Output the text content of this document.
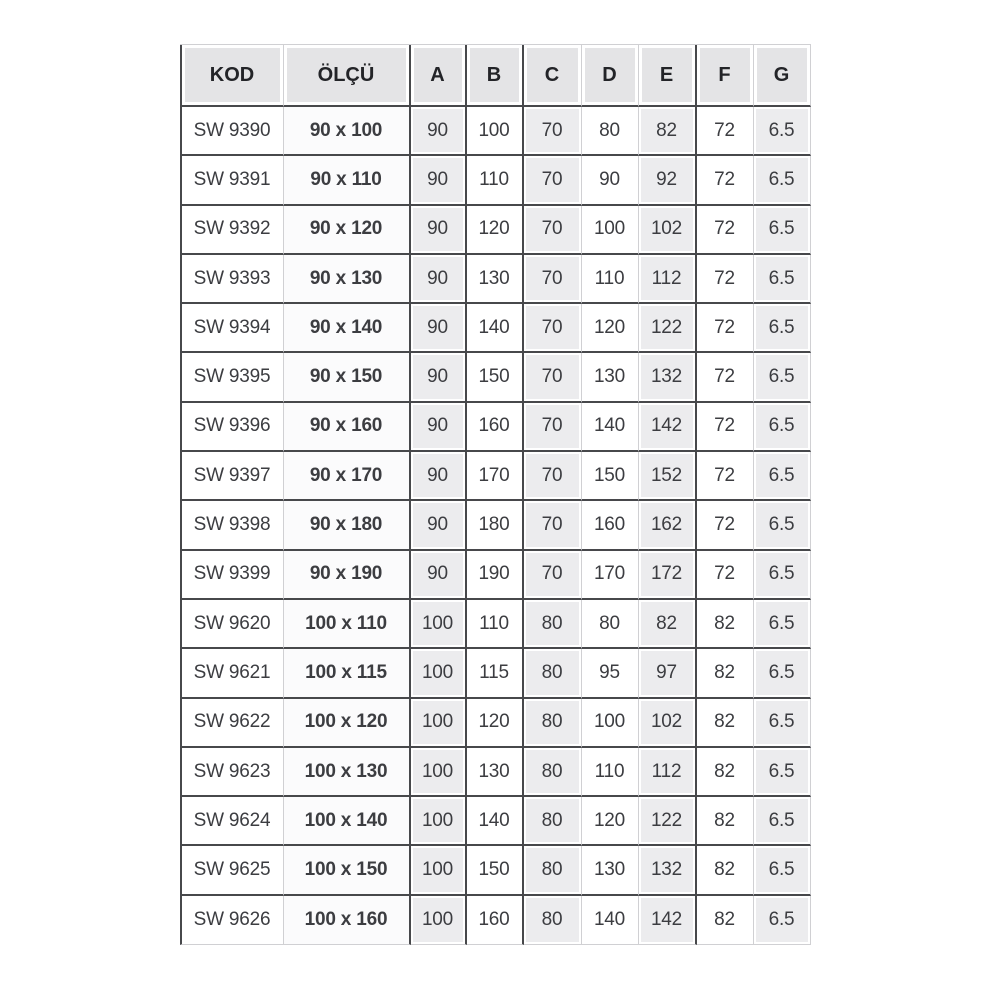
KOD	ÖLÇÜ	A	B	C	D	E	F	G
SW 9390	90 x 100	90	100	70	80	82	72	6.5
SW 9391	90 x 110	90	110	70	90	92	72	6.5
SW 9392	90 x 120	90	120	70	100	102	72	6.5
SW 9393	90 x 130	90	130	70	110	112	72	6.5
SW 9394	90 x 140	90	140	70	120	122	72	6.5
SW 9395	90 x 150	90	150	70	130	132	72	6.5
SW 9396	90 x 160	90	160	70	140	142	72	6.5
SW 9397	90 x 170	90	170	70	150	152	72	6.5
SW 9398	90 x 180	90	180	70	160	162	72	6.5
SW 9399	90 x 190	90	190	70	170	172	72	6.5
SW 9620	100 x 110	100	110	80	80	82	82	6.5
SW 9621	100 x 115	100	115	80	95	97	82	6.5
SW 9622	100 x 120	100	120	80	100	102	82	6.5
SW 9623	100 x 130	100	130	80	110	112	82	6.5
SW 9624	100 x 140	100	140	80	120	122	82	6.5
SW 9625	100 x 150	100	150	80	130	132	82	6.5
SW 9626	100 x 160	100	160	80	140	142	82	6.5
